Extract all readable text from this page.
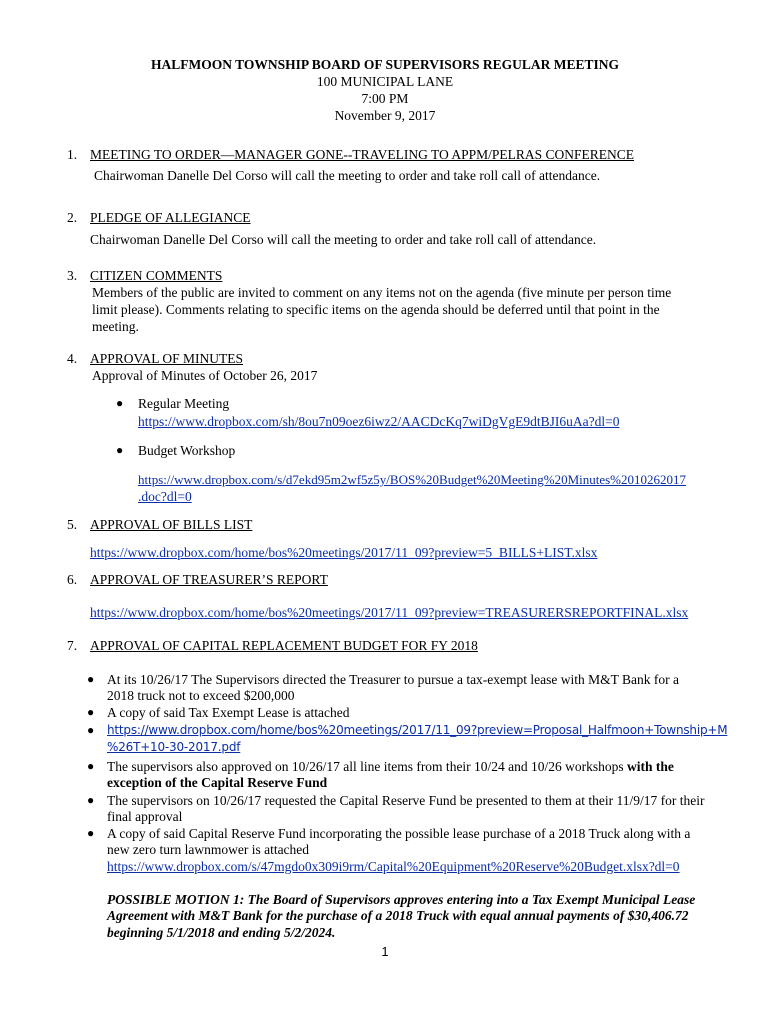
HALFMOON TOWNSHIP BOARD OF SUPERVISORS REGULAR MEETING
100 MUNICIPAL LANE
7:00 PM
November 9, 2017
1. MEETING TO ORDER—MANAGER GONE--TRAVELING TO APPM/PELRAS CONFERENCE
Chairwoman Danelle Del Corso will call the meeting to order and take roll call of attendance.
2. PLEDGE OF ALLEGIANCE
Chairwoman Danelle Del Corso will call the meeting to order and take roll call of attendance.
3. CITIZEN COMMENTS
Members of the public are invited to comment on any items not on the agenda (five minute per person time
limit please). Comments relating to specific items on the agenda should be deferred until that point in the
meeting.
4. APPROVAL OF MINUTES
Approval of Minutes of October 26, 2017
● Regular Meeting
https://www.dropbox.com/sh/8ou7n09oez6iwz2/AACDcKq7wiDgVgE9dtBJI6uAa?dl=0
● Budget Workshop
https://www.dropbox.com/s/d7ekd95m2wf5z5y/BOS%20Budget%20Meeting%20Minutes%2010262017
.doc?dl=0
5. APPROVAL OF BILLS LIST
https://www.dropbox.com/home/bos%20meetings/2017/11_09?preview=5_BILLS+LIST.xlsx
6. APPROVAL OF TREASURER’S REPORT
https://www.dropbox.com/home/bos%20meetings/2017/11_09?preview=TREASURERSREPORTFINAL.xlsx
7. APPROVAL OF CAPITAL REPLACEMENT BUDGET FOR FY 2018
● At its 10/26/17 The Supervisors directed the Treasurer to pursue a tax-exempt lease with M&T Bank for a
2018 truck not to exceed $200,000
● A copy of said Tax Exempt Lease is attached
● https://www.dropbox.com/home/bos%20meetings/2017/11_09?preview=Proposal_Halfmoon+Township+M
%26T+10-30-2017.pdf
● The supervisors also approved on 10/26/17 all line items from their 10/24 and 10/26 workshops with the
exception of the Capital Reserve Fund
● The supervisors on 10/26/17 requested the Capital Reserve Fund be presented to them at their 11/9/17 for their
final approval
● A copy of said Capital Reserve Fund incorporating the possible lease purchase of a 2018 Truck along with a
new zero turn lawnmower is attached
https://www.dropbox.com/s/47mgdo0x309i9rm/Capital%20Equipment%20Reserve%20Budget.xlsx?dl=0
POSSIBLE MOTION 1: The Board of Supervisors approves entering into a Tax Exempt Municipal Lease
Agreement with M&T Bank for the purchase of a 2018 Truck with equal annual payments of $30,406.72
beginning 5/1/2018 and ending 5/2/2024.
1
